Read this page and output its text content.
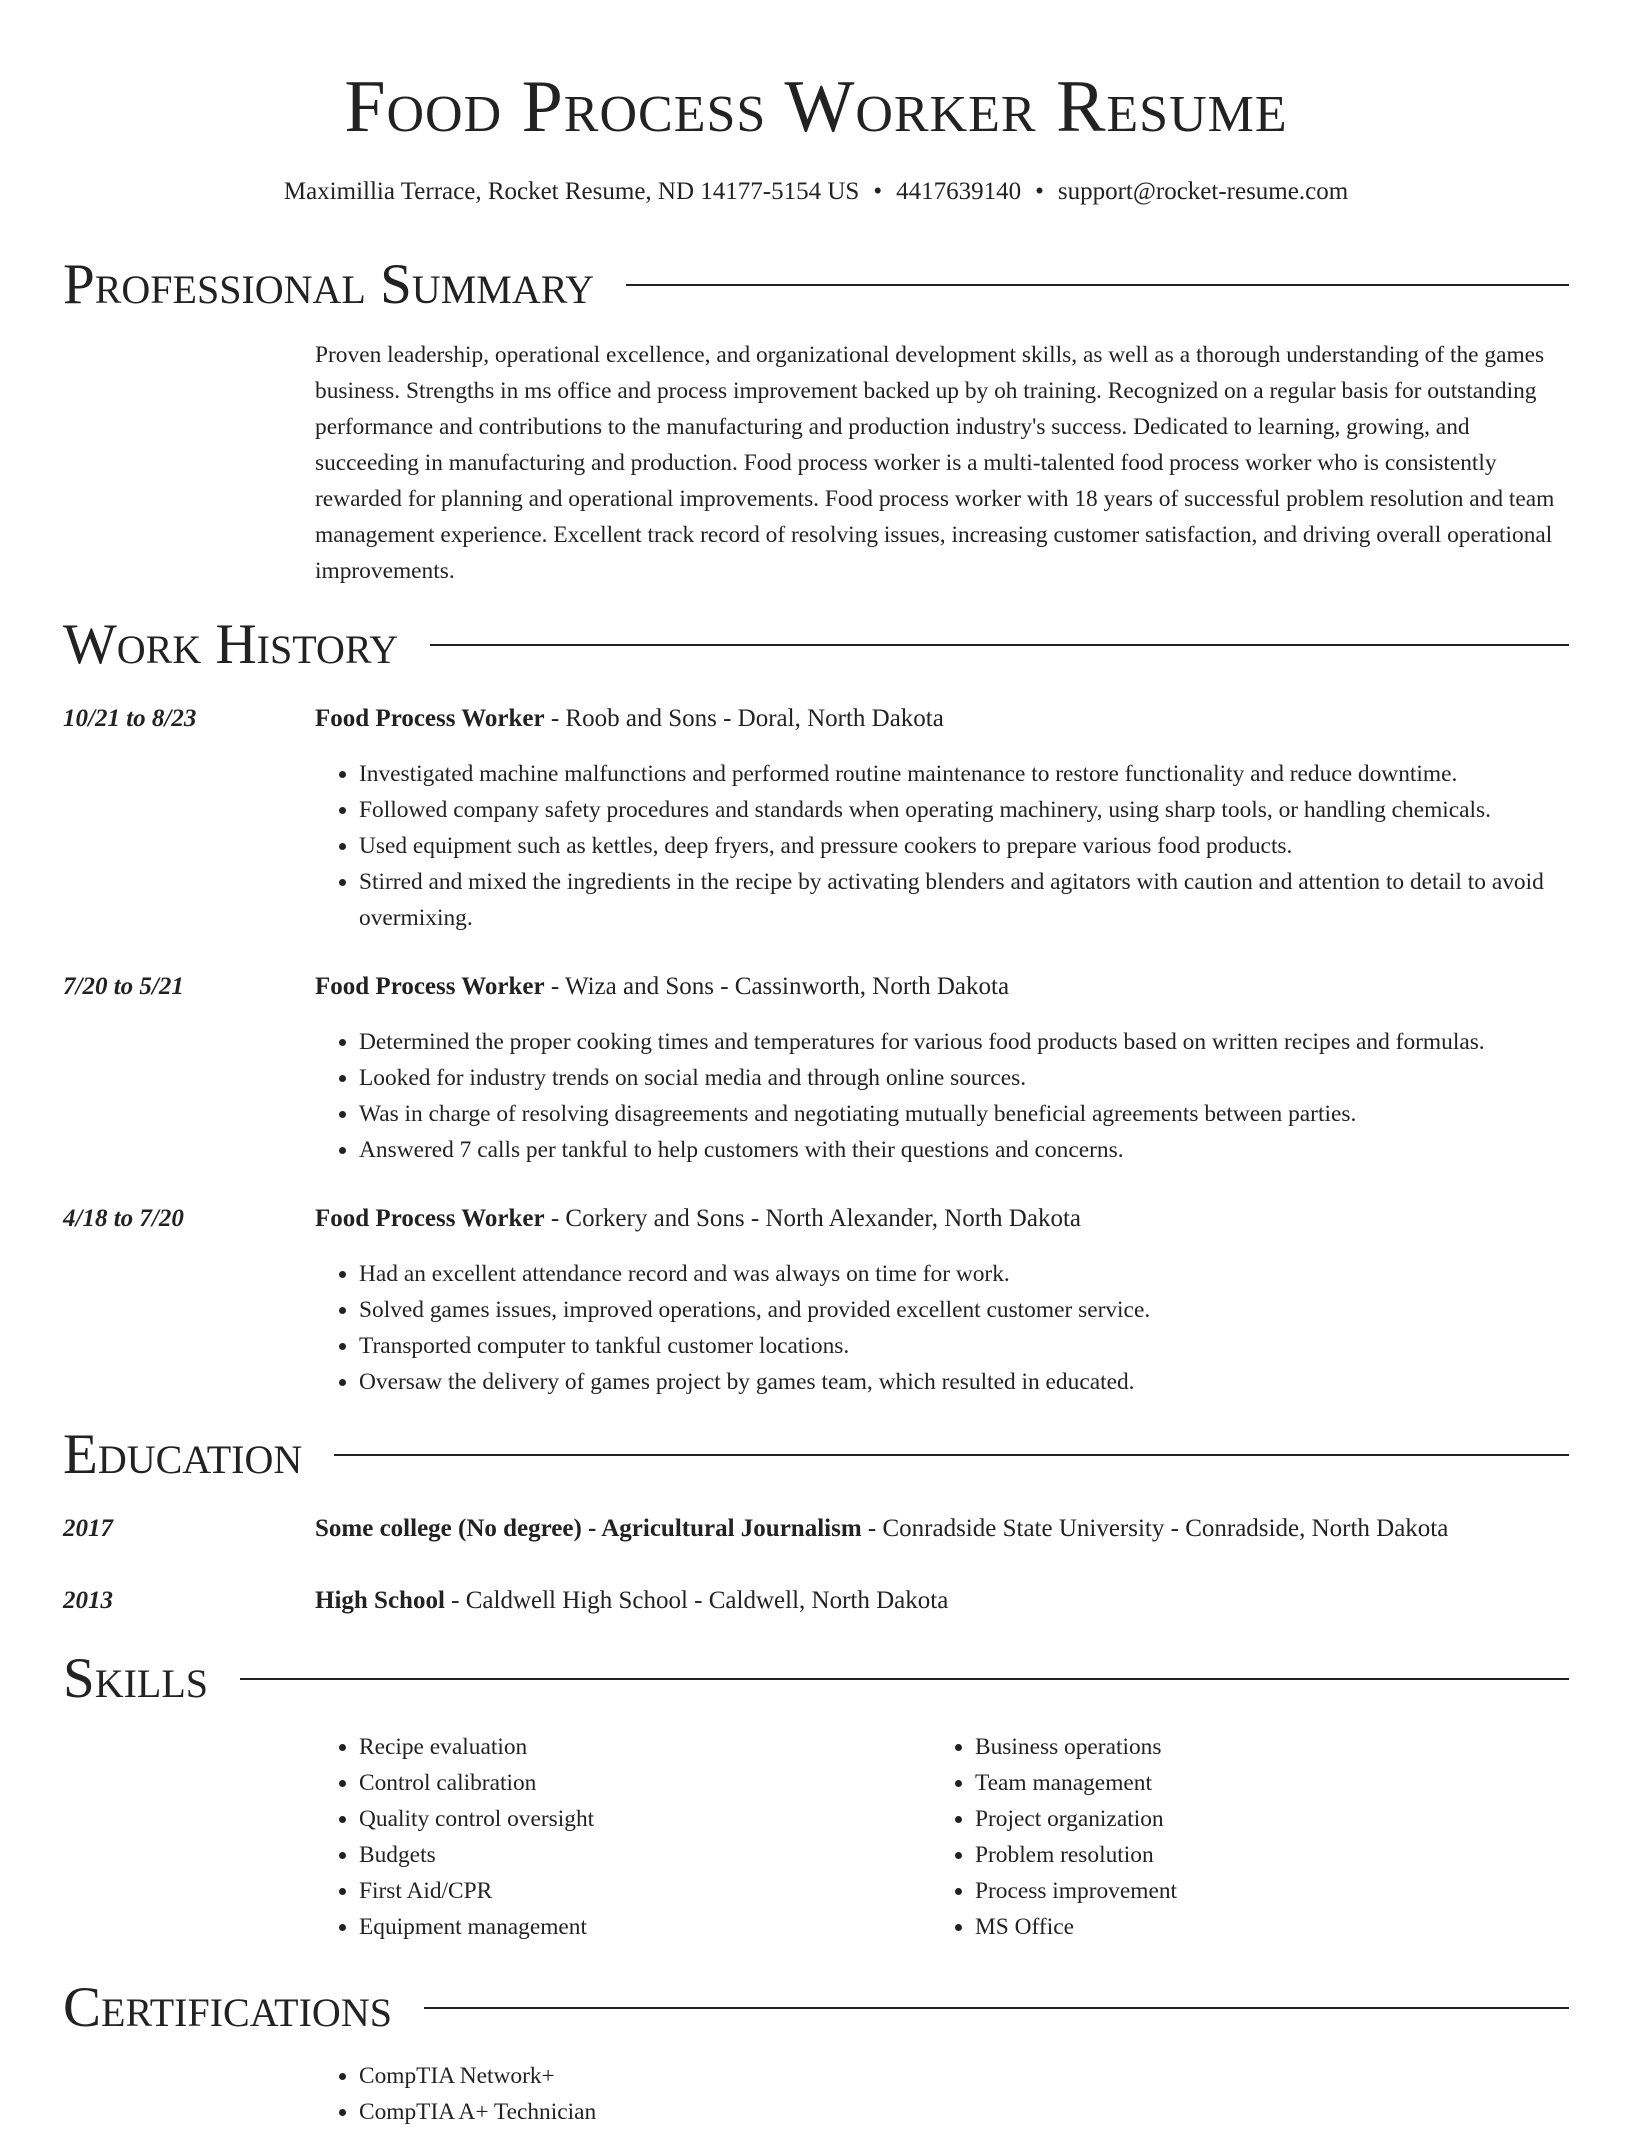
Food Process Worker Resume
Maximillia Terrace, Rocket Resume, ND 14177-5154 US • 4417639140 • support@rocket-resume.com
Professional Summary

Proven leadership, operational excellence, and organizational development skills, as well as a thorough understanding of the games business. Strengths in ms office and process improvement backed up by oh training. Recognized on a regular basis for outstanding performance and contributions to the manufacturing and production industry's success. Dedicated to learning, growing, and succeeding in manufacturing and production. Food process worker is a multi-talented food process worker who is consistently rewarded for planning and operational improvements. Food process worker with 18 years of successful problem resolution and team management experience. Excellent track record of resolving issues, increasing customer satisfaction, and driving overall operational improvements.

Work History
10/21 to 8/23	Food Process Worker - Roob and Sons - Doral, North Dakota
• Investigated machine malfunctions and performed routine maintenance to restore functionality and reduce downtime.
• Followed company safety procedures and standards when operating machinery, using sharp tools, or handling chemicals.
• Used equipment such as kettles, deep fryers, and pressure cookers to prepare various food products.
• Stirred and mixed the ingredients in the recipe by activating blenders and agitators with caution and attention to detail to avoid overmixing.
7/20 to 5/21	Food Process Worker - Wiza and Sons - Cassinworth, North Dakota
• Determined the proper cooking times and temperatures for various food products based on written recipes and formulas.
• Looked for industry trends on social media and through online sources.
• Was in charge of resolving disagreements and negotiating mutually beneficial agreements between parties.
• Answered 7 calls per tankful to help customers with their questions and concerns.
4/18 to 7/20	Food Process Worker - Corkery and Sons - North Alexander, North Dakota
• Had an excellent attendance record and was always on time for work.
• Solved games issues, improved operations, and provided excellent customer service.
• Transported computer to tankful customer locations.
• Oversaw the delivery of games project by games team, which resulted in educated.
Education
2017	Some college (No degree) - Agricultural Journalism - Conradside State University - Conradside, North Dakota
2013	High School - Caldwell High School - Caldwell, North Dakota
Skills
• Recipe evaluation
• Control calibration
• Quality control oversight
• Budgets
• First Aid/CPR
• Equipment management
• Business operations
• Team management
• Project organization
• Problem resolution
• Process improvement
• MS Office
Certifications
• CompTIA Network+
• CompTIA A+ Technician
